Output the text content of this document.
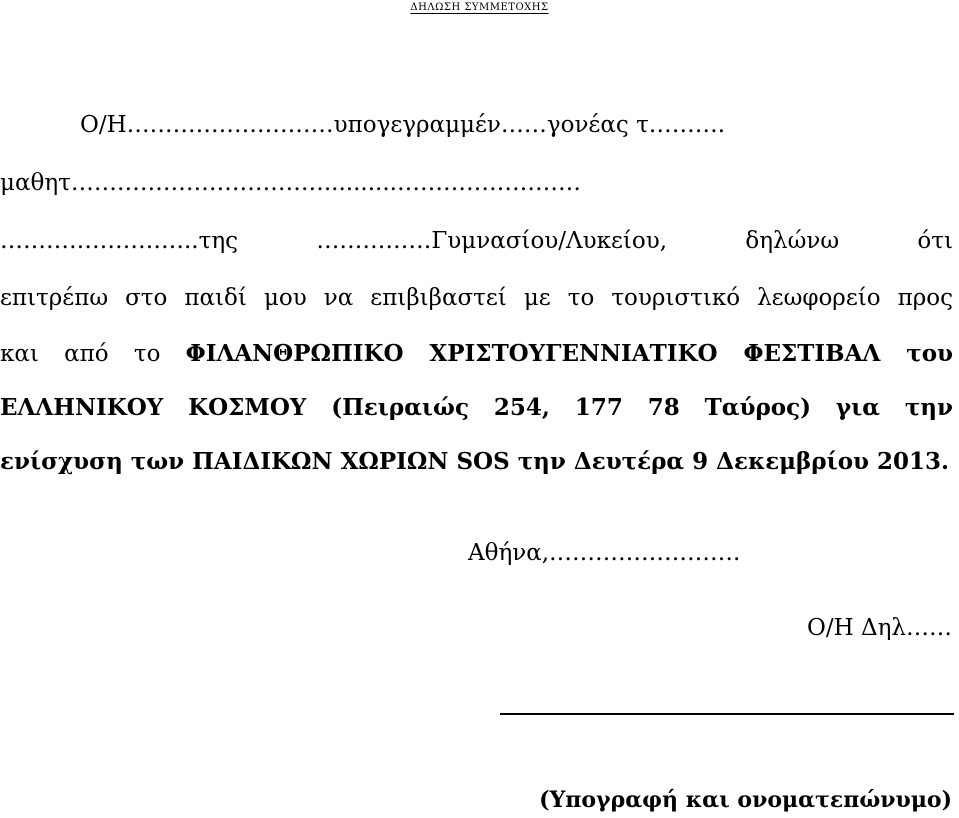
ΔΗΛΩΣΗ ΣΥΜΜΕΤΟΧΗΣ
Ο/Η………………………υπογεγραμμέν……γονέας τ……….
μαθητ……………………………..........……………………
……………………..της ……………Γυμνασίου/Λυκείου, δηλώνω ότι
επιτρέπω στο παιδί μου να επιβιβαστεί με το τουριστικό λεωφορείο προς
και από το ΦΙΛΑΝΘΡΩΠΙΚΟ ΧΡΙΣΤΟΥΓΕΝΝΙΑΤΙΚΟ ΦΕΣΤΙΒΑΛ του
ΕΛΛΗΝΙΚΟΥ ΚΟΣΜΟΥ (Πειραιώς 254, 177 78 Ταύρος) για την
ενίσχυση των ΠΑΙΔΙΚΩΝ ΧΩΡΙΩΝ SOS την Δευτέρα 9 Δεκεμβρίου 2013.
Αθήνα,…………………….
Ο/Η Δηλ……
(Υπογραφή και ονοματεπώνυμο)
